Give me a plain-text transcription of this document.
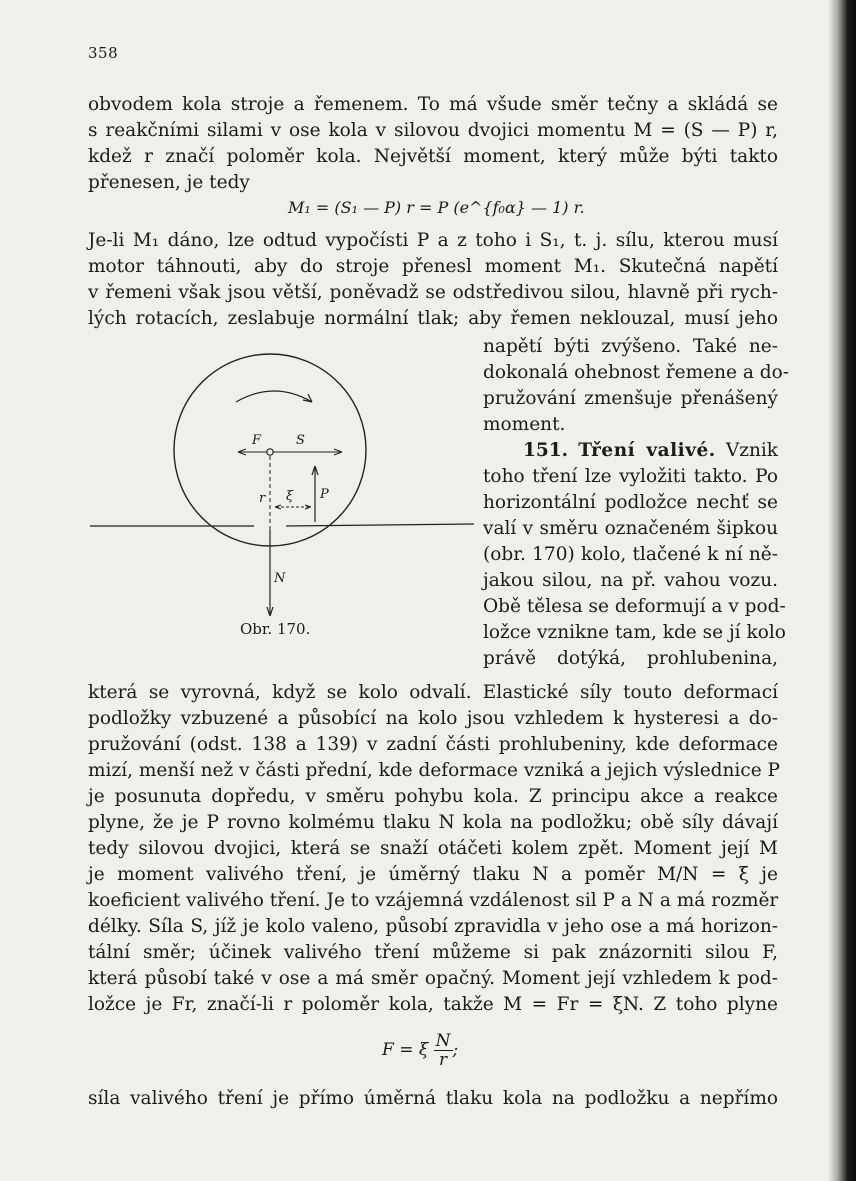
358
obvodem kola stroje a řemenem. To má všude směr tečny a skládá se
s reakčními silami v ose kola v silovou dvojici momentu M = (S — P) r,
kdež r značí poloměr kola. Největší moment, který může býti takto
přenesen, je tedy
M₁ = (S₁ — P) r = P (e^{f₀α} — 1) r.
Je-li M₁ dáno, lze odtud vypočísti P a z toho i S₁, t. j. sílu, kterou musí
motor táhnouti, aby do stroje přenesl moment M₁. Skutečná napětí
v řemeni však jsou větší, poněvadž se odstředivou silou, hlavně při rych-
lých rotacích, zeslabuje normální tlak; aby řemen neklouzal, musí jeho
napětí býti zvýšeno. Také ne-
dokonalá ohebnost řemene a do-
pružování zmenšuje přenášený
moment.
151. Tření valivé. Vznik
toho tření lze vyložiti takto. Po
horizontální podložce nechť se
valí v směru označeném šipkou
(obr. 170) kolo, tlačené k ní ně-
jakou silou, na př. vahou vozu.
Obě tělesa se deformují a v pod-
ložce vznikne tam, kde se jí kolo
právě dotýká, prohlubenina,
F	S
r ξ P
N
Obr. 170.
která se vyrovná, když se kolo odvalí. Elastické síly touto deformací
podložky vzbuzené a působící na kolo jsou vzhledem k hysteresi a do-
pružování (odst. 138 a 139) v zadní části prohlubeniny, kde deformace
mizí, menší než v části přední, kde deformace vzniká a jejich výslednice P
je posunuta dopředu, v směru pohybu kola. Z principu akce a reakce
plyne, že je P rovno kolmému tlaku N kola na podložku; obě síly dávají
tedy silovou dvojici, která se snaží otáčeti kolem zpět. Moment její M
je moment valivého tření, je úměrný tlaku N a poměr M/N = ξ je
koeficient valivého tření. Je to vzájemná vzdálenost sil P a N a má rozměr
délky. Síla S, jíž je kolo valeno, působí zpravidla v jeho ose a má horizon-
tální směr; účinek valivého tření můžeme si pak znázorniti silou F,
která působí také v ose a má směr opačný. Moment její vzhledem k pod-
ložce je Fr, značí-li r poloměr kola, takže M = Fr = ξN. Z toho plyne
F = ξ $\frac{N}{r}$ ;
síla valivého tření je přímo úměrná tlaku kola na podložku a nepřímo
